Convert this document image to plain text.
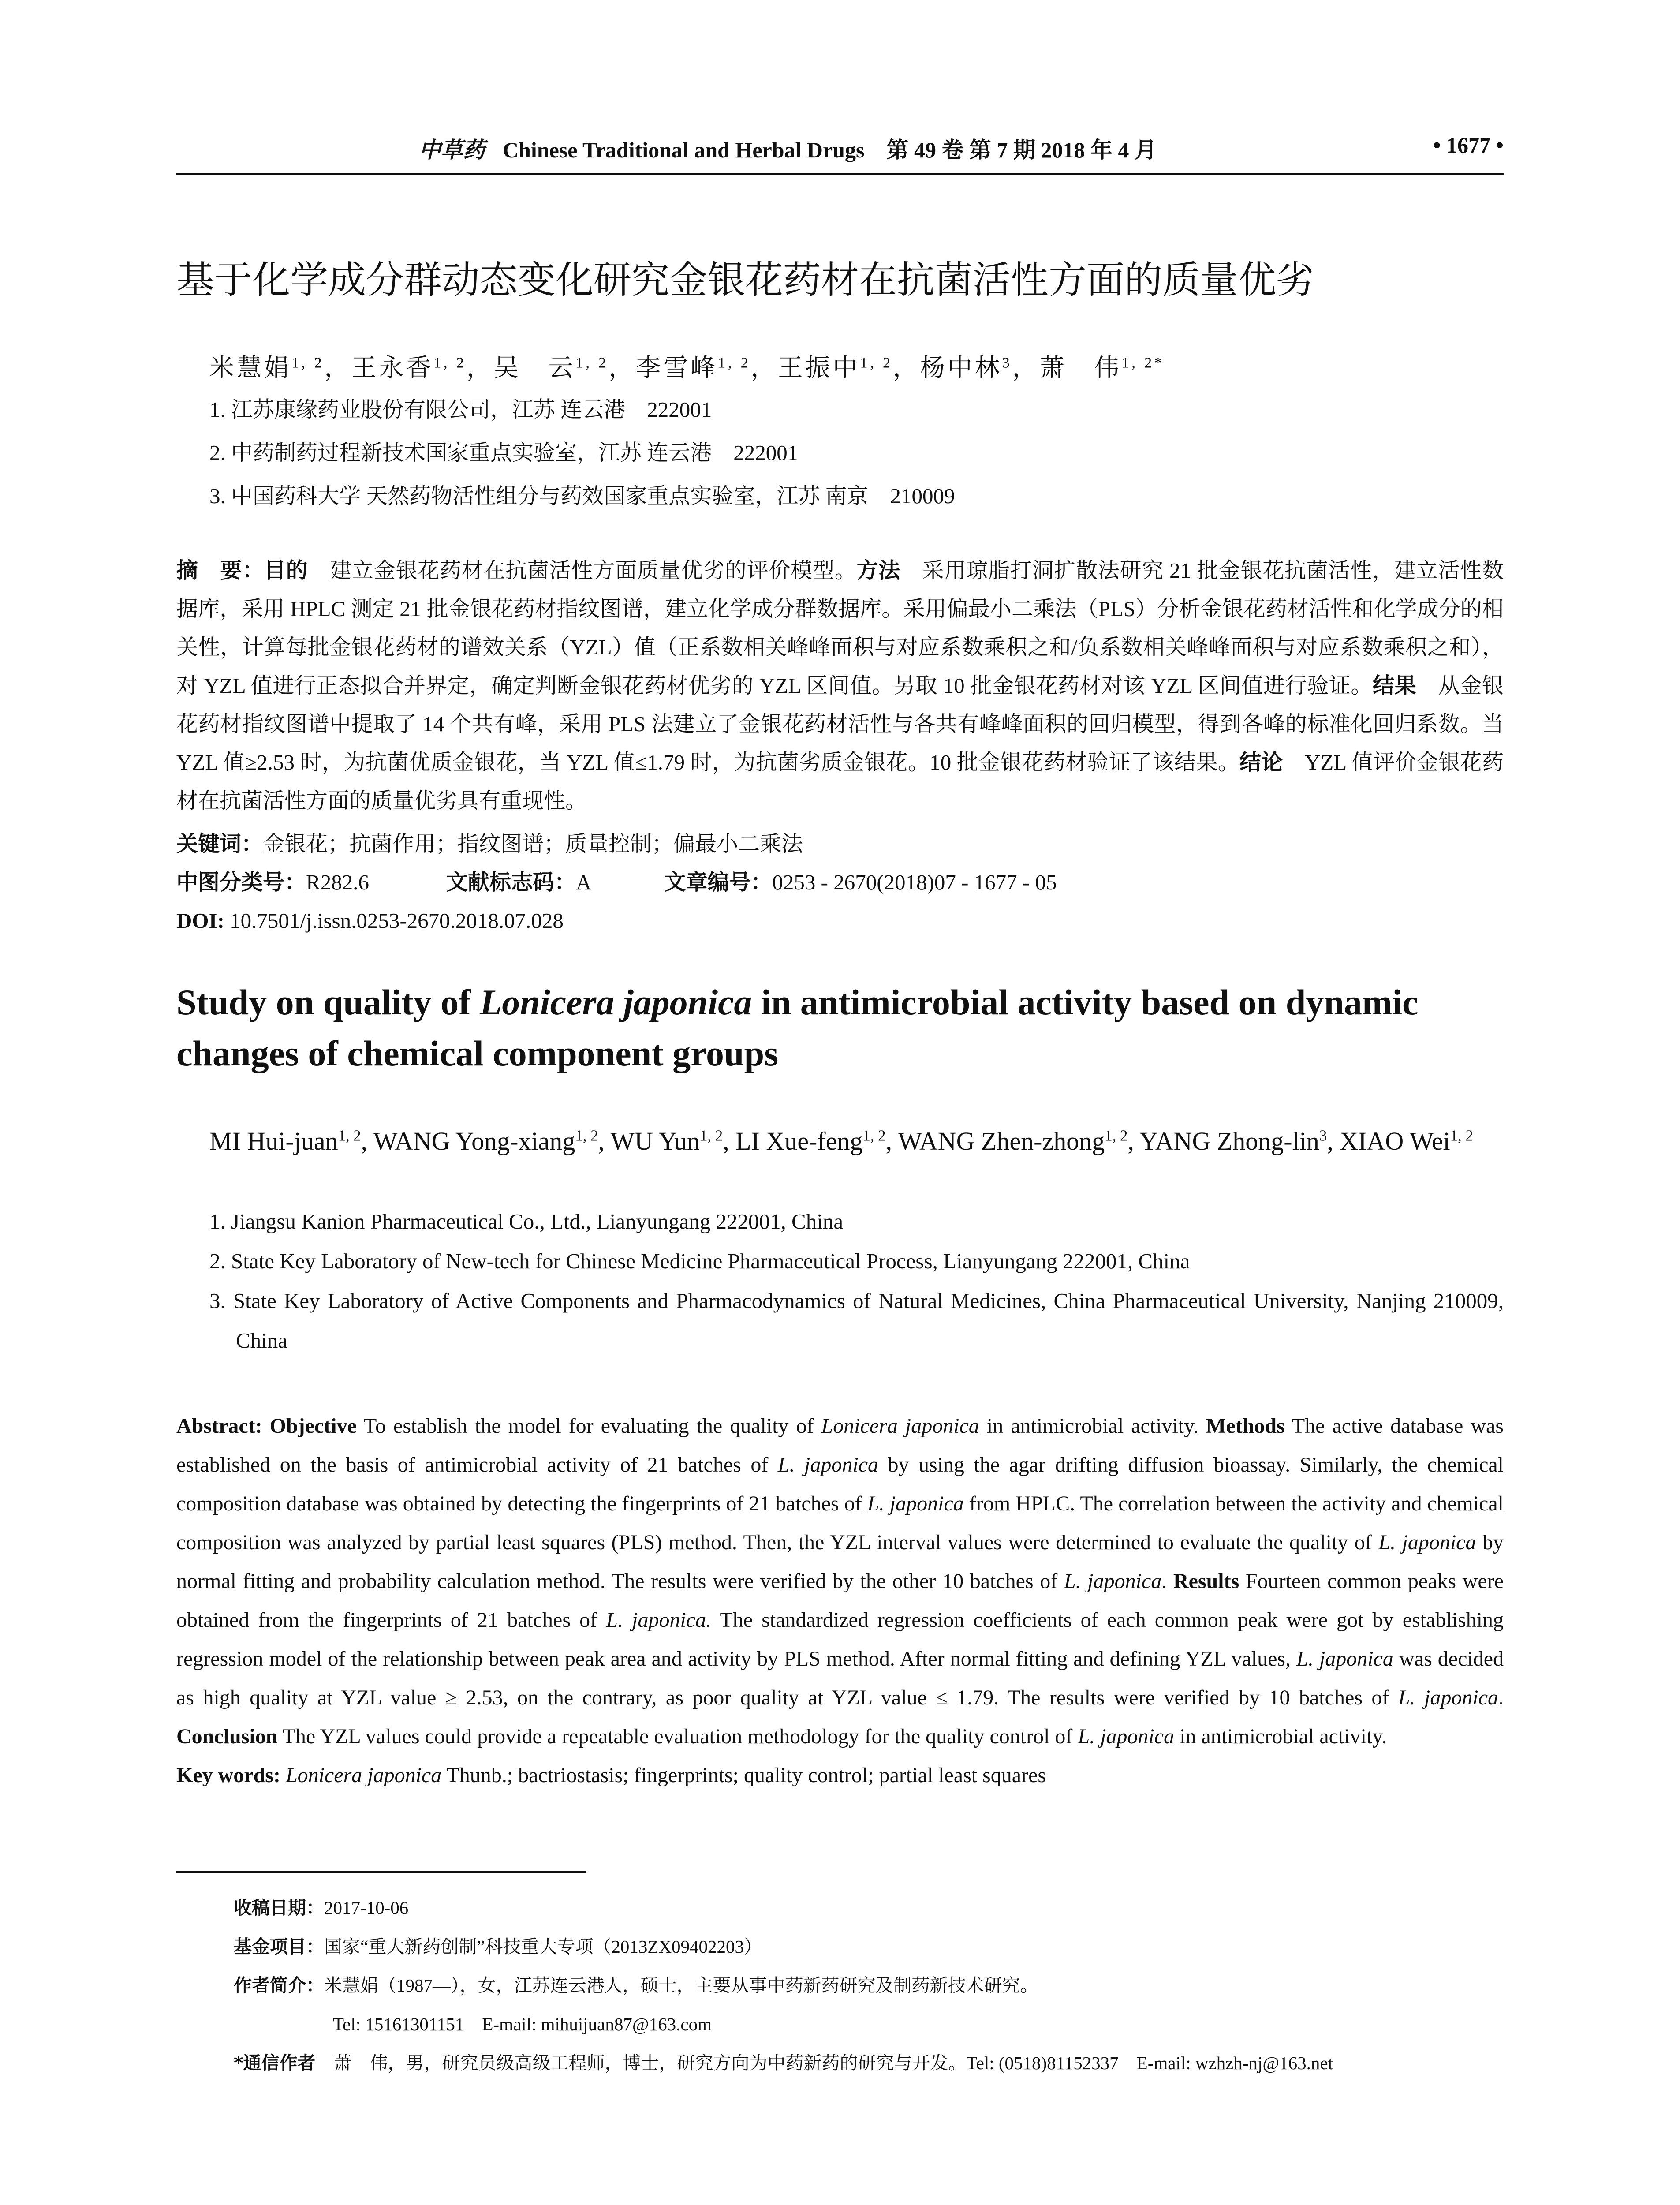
中草药 Chinese Traditional and Herbal Drugs 第 49 卷 第 7 期 2018 年 4 月	• 1677 •
基于化学成分群动态变化研究金银花药材在抗菌活性方面的质量优劣
米慧娟$^{1, 2}$，王永香$^{1, 2}$，吴　云$^{1, 2}$，李雪峰$^{1, 2}$，王振中$^{1, 2}$，杨中林$^3$，萧　伟$^{1, 2*}$
1. 江苏康缘药业股份有限公司，江苏 连云港　222001
2. 中药制药过程新技术国家重点实验室，江苏 连云港　222001
3. 中国药科大学 天然药物活性组分与药效国家重点实验室，江苏 南京　210009

摘　要：目的　建立金银花药材在抗菌活性方面质量优劣的评价模型。方法　采用琼脂打洞扩散法研究 21 批金银花抗菌活性，建立活性数据库，采用 HPLC 测定 21 批金银花药材指纹图谱，建立化学成分群数据库。采用偏最小二乘法（PLS）分析金银花药材活性和化学成分的相关性，计算每批金银花药材的谱效关系（YZL）值（正系数相关峰峰面积与对应系数乘积之和/负系数相关峰峰面积与对应系数乘积之和），对 YZL 值进行正态拟合并界定，确定判断金银花药材优劣的 YZL 区间值。另取 10 批金银花药材对该 YZL 区间值进行验证。结果　从金银花药材指纹图谱中提取了 14 个共有峰，采用 PLS 法建立了金银花药材活性与各共有峰峰面积的回归模型，得到各峰的标准化回归系数。当 YZL 值≥2.53 时，为抗菌优质金银花，当 YZL 值≤1.79 时，为抗菌劣质金银花。10 批金银花药材验证了该结果。结论　YZL 值评价金银花药材在抗菌活性方面的质量优劣具有重现性。

关键词：金银花；抗菌作用；指纹图谱；质量控制；偏最小二乘法
中图分类号：R282.6	文献标志码：A	文章编号：0253 - 2670(2018)07 - 1677 - 05
DOI: 10.7501/j.issn.0253-2670.2018.07.028
Study on quality of Lonicera japonica in antimicrobial activity based on dynamic changes of chemical component groups
MI Hui-juan$^{1, 2}$, WANG Yong-xiang$^{1, 2}$, WU Yun$^{1, 2}$, LI Xue-feng$^{1, 2}$, WANG Zhen-zhong$^{1, 2}$, YANG Zhong-lin$^3$, XIAO Wei$^{1, 2}$
1. Jiangsu Kanion Pharmaceutical Co., Ltd., Lianyungang 222001, China
2. State Key Laboratory of New-tech for Chinese Medicine Pharmaceutical Process, Lianyungang 222001, China
3. State Key Laboratory of Active Components and Pharmacodynamics of Natural Medicines, China Pharmaceutical University, Nanjing 210009, China

Abstract: Objective To establish the model for evaluating the quality of Lonicera japonica in antimicrobial activity. Methods The active database was established on the basis of antimicrobial activity of 21 batches of L. japonica by using the agar drifting diffusion bioassay. Similarly, the chemical composition database was obtained by detecting the fingerprints of 21 batches of L. japonica from HPLC. The correlation between the activity and chemical composition was analyzed by partial least squares (PLS) method. Then, the YZL interval values were determined to evaluate the quality of L. japonica by normal fitting and probability calculation method. The results were verified by the other 10 batches of L. japonica. Results Fourteen common peaks were obtained from the fingerprints of 21 batches of L. japonica. The standardized regression coefficients of each common peak were got by establishing regression model of the relationship between peak area and activity by PLS method. After normal fitting and defining YZL values, L. japonica was decided as high quality at YZL value ≥ 2.53, on the contrary, as poor quality at YZL value ≤ 1.79. The results were verified by 10 batches of L. japonica. Conclusion The YZL values could provide a repeatable evaluation methodology for the quality control of L. japonica in antimicrobial activity.

Key words: Lonicera japonica Thunb.; bactriostasis; fingerprints; quality control; partial least squares

收稿日期：2017-10-06
基金项目：国家“重大新药创制”科技重大专项（2013ZX09402203）
作者简介：米慧娟（1987—），女，江苏连云港人，硕士，主要从事中药新药研究及制药新技术研究。
Tel: 15161301151　E-mail: mihuijuan87@163.com
*通信作者　萧　伟，男，研究员级高级工程师，博士，研究方向为中药新药的研究与开发。Tel: (0518)81152337　E-mail: wzhzh-nj@163.net
